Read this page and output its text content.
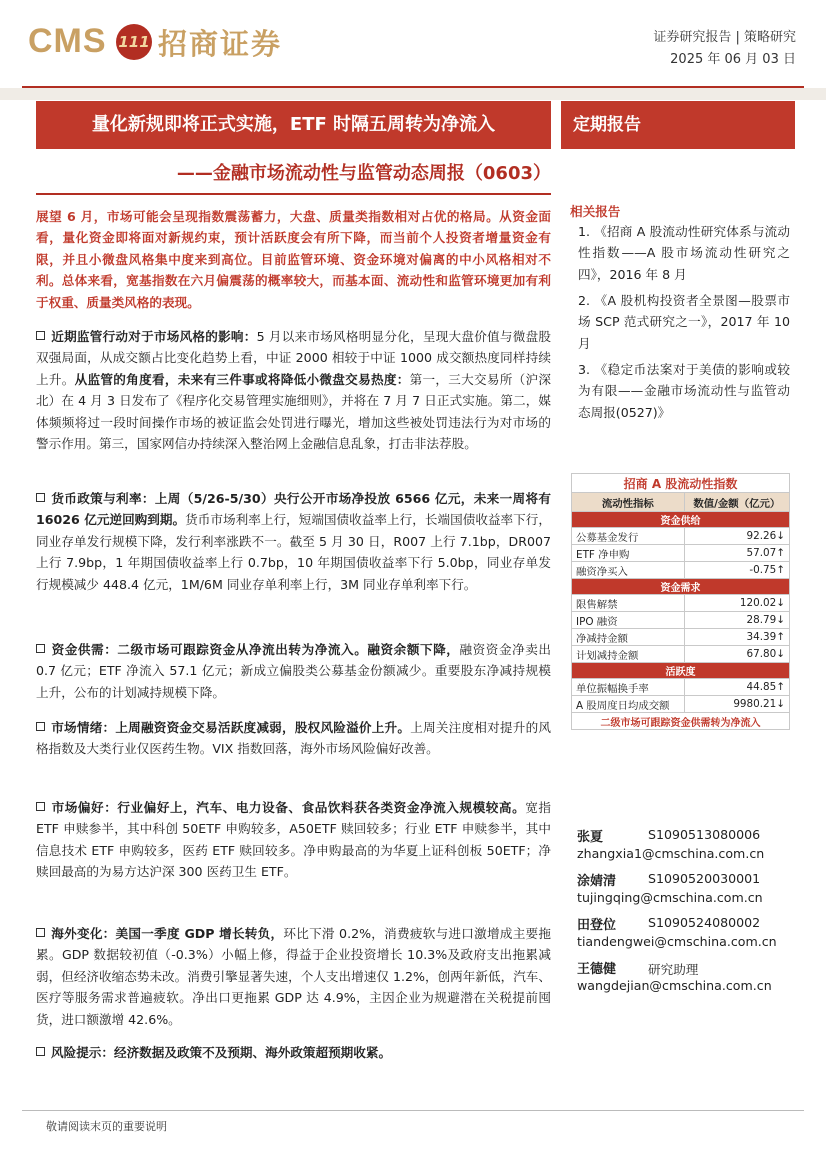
CMS 111 招商证券	证券研究报告 | 策略研究
2025 年 06 月 03 日
量化新规即将正式实施，ETF 时隔五周转为净流入
——金融市场流动性与监管动态周报（0603）
定期报告
展望 6 月，市场可能会呈现指数震荡蓄力，大盘、质量类指数相对占优的格局。从资金面看，量化资金即将面对新规约束，预计活跃度会有所下降，而当前个人投资者增量资金有限，并且小微盘风格集中度来到高位。目前监管环境、资金环境对偏离的中小风格相对不利。总体来看，宽基指数在六月偏震荡的概率较大，而基本面、流动性和监管环境更加有利于权重、质量类风格的表现。
近期监管行动对于市场风格的影响：5 月以来市场风格明显分化，呈现大盘价值与微盘股双强局面，从成交额占比变化趋势上看，中证 2000 相较于中证 1000 成交额热度同样持续上升。从监管的角度看，未来有三件事或将降低小微盘交易热度：第一，三大交易所（沪深北）在 4 月 3 日发布了《程序化交易管理实施细则》，并将在 7 月 7 日正式实施。第二，媒体频频将过一段时间操作市场的被证监会处罚进行曝光，增加这些被处罚违法行为对市场的警示作用。第三，国家网信办持续深入整治网上金融信息乱象，打击非法荐股。
货币政策与利率：上周（5/26-5/30）央行公开市场净投放 6566 亿元，未来一周将有 16026 亿元逆回购到期。货币市场利率上行，短端国债收益率上行，长端国债收益率下行，同业存单发行规模下降，发行利率涨跌不一。截至 5 月 30 日，R007 上行 7.1bp，DR007 上行 7.9bp，1 年期国债收益率上行 0.7bp，10 年期国债收益率下行 5.0bp，同业存单发行规模减少 448.4 亿元，1M/6M 同业存单利率上行，3M 同业存单利率下行。
资金供需：二级市场可跟踪资金从净流出转为净流入。融资余额下降，融资资金净卖出 0.7 亿元；ETF 净流入 57.1 亿元；新成立偏股类公募基金份额减少。重要股东净减持规模上升，公布的计划减持规模下降。
市场情绪：上周融资资金交易活跃度减弱，股权风险溢价上升。上周关注度相对提升的风格指数及大类行业仅医药生物。VIX 指数回落，海外市场风险偏好改善。
市场偏好：行业偏好上，汽车、电力设备、食品饮料获各类资金净流入规模较高。宽指 ETF 申赎参半，其中科创 50ETF 申购较多，A50ETF 赎回较多；行业 ETF 申赎参半，其中信息技术 ETF 申购较多，医药 ETF 赎回较多。净申购最高的为华夏上证科创板 50ETF；净赎回最高的为易方达沪深 300 医药卫生 ETF。
海外变化：美国一季度 GDP 增长转负，环比下滑 0.2%，消费疲软与进口激增成主要拖累。GDP 数据较初值（-0.3%）小幅上修，得益于企业投资增长 10.3%及政府支出拖累减弱，但经济收缩态势未改。消费引擎显著失速，个人支出增速仅 1.2%，创两年新低，汽车、医疗等服务需求普遍疲软。净出口更拖累 GDP 达 4.9%，主因企业为规避潜在关税提前囤货，进口额激增 42.6%。
风险提示：经济数据及政策不及预期、海外政策超预期收紧。
相关报告
1. 《招商 A 股流动性研究体系与流动性指数——A 股市场流动性研究之四》，2016 年 8 月
2. 《A 股机构投资者全景图—股票市场 SCP 范式研究之一》，2017 年 10 月
3. 《稳定币法案对于美债的影响或较为有限——金融市场流动性与监管动态周报(0527)》
招商 A 股流动性指数	
流动性指标	数值/金额（亿元）
资金供给	
公募基金发行	92.26↓
ETF 净申购	57.07↑
融资净买入	-0.75↑
资金需求	
限售解禁	120.02↓
IPO 融资	28.79↓
净减持金额	34.39↑
计划减持金额	67.80↓
活跃度	
单位振幅换手率	44.85↑
A 股周度日均成交额	9980.21↓
二级市场可跟踪资金供需转为净流入	
张夏	S1090513080006
zhangxia1@cmschina.com.cn
涂婧清	S1090520030001
tujingqing@cmschina.com.cn
田登位	S1090524080002
tiandengwei@cmschina.com.cn
王德健	研究助理
wangdejian@cmschina.com.cn
敬请阅读末页的重要说明
